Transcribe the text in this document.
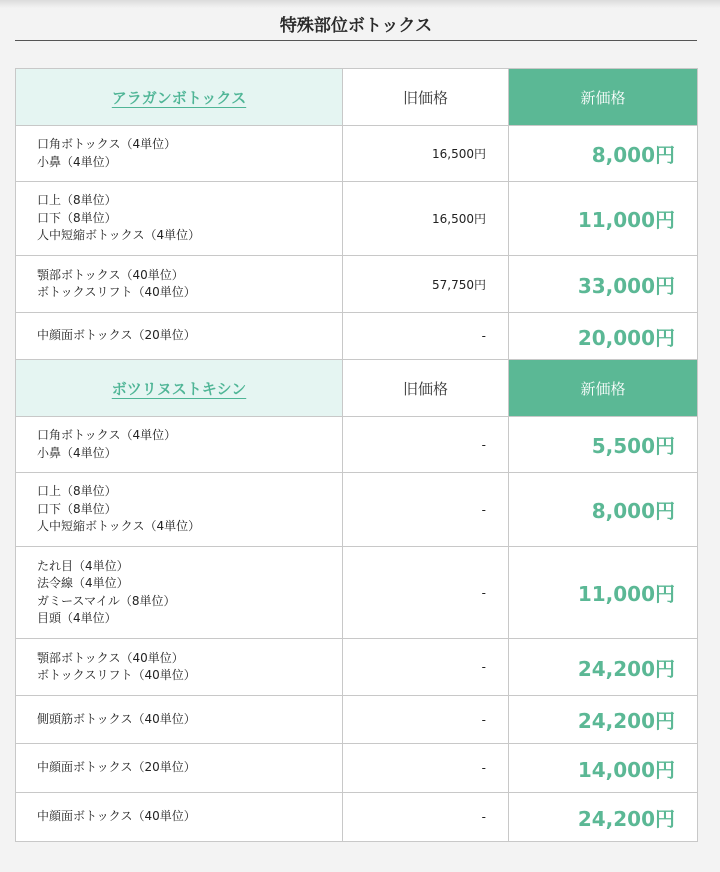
特殊部位ボトックス
アラガンボトックス	旧価格	新価格

口角ボトックス（4単位）
小鼻（4単位）	16,500円	8,000円

口上（8単位）
口下（8単位）
人中短縮ボトックス（4単位）	16,500円	11,000円

顎部ボトックス（40単位）
ボトックスリフト（40単位）	57,750円	33,000円

中顔面ボトックス（20単位）	-	20,000円
ボツリヌストキシン	旧価格	新価格

口角ボトックス（4単位）
小鼻（4単位）	-	5,500円

口上（8単位）
口下（8単位）
人中短縮ボトックス（4単位）	-	8,000円

たれ目（4単位）
法令線（4単位）
ガミースマイル（8単位）
目頭（4単位）	-	11,000円

顎部ボトックス（40単位）
ボトックスリフト（40単位）	-	24,200円

側頭筋ボトックス（40単位）	-	24,200円

中顔面ボトックス（20単位）	-	14,000円

中顔面ボトックス（40単位）	-	24,200円
